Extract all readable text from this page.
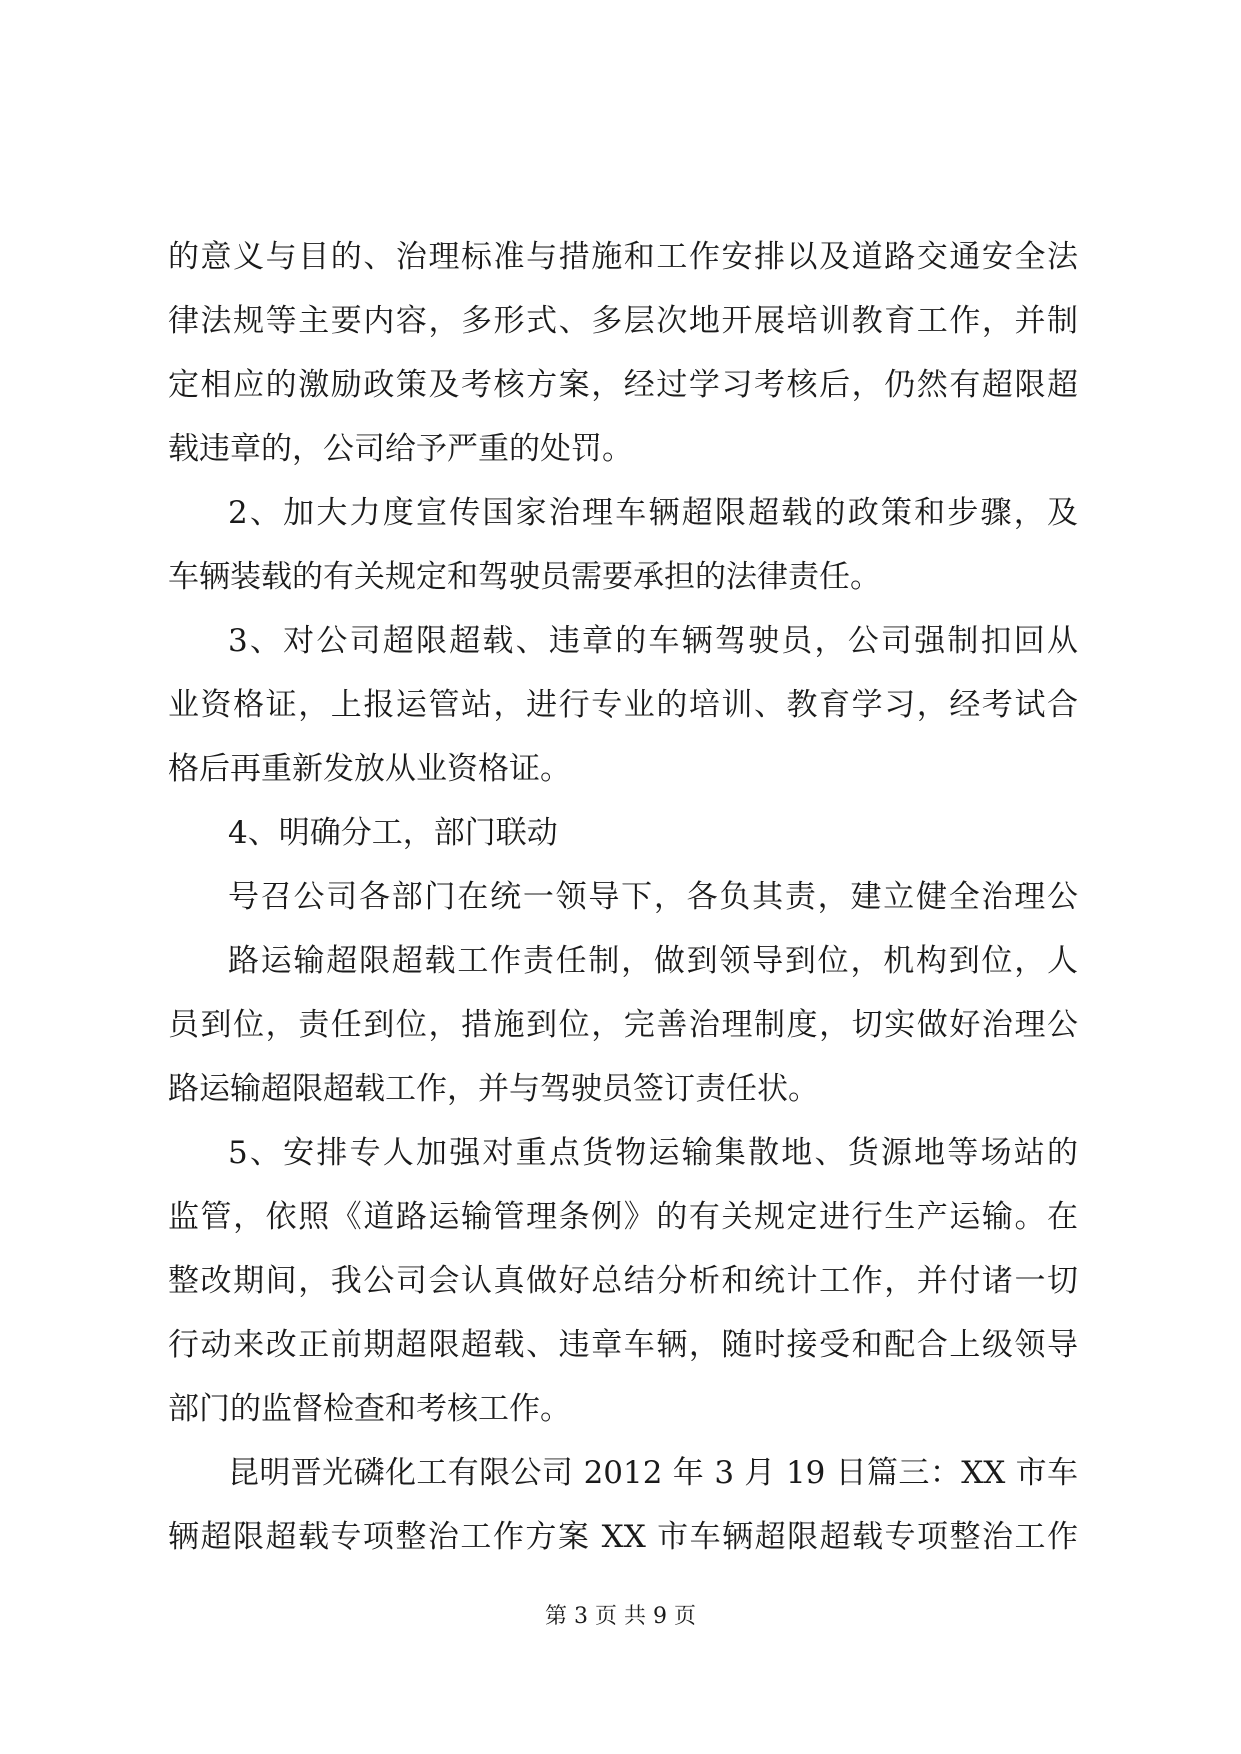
的意义与目的、治理标准与措施和工作安排以及道路交通安全法
律法规等主要内容，多形式、多层次地开展培训教育工作，并制
定相应的激励政策及考核方案，经过学习考核后，仍然有超限超
载违章的，公司给予严重的处罚。
2、加大力度宣传国家治理车辆超限超载的政策和步骤，及
车辆装载的有关规定和驾驶员需要承担的法律责任。
3、对公司超限超载、违章的车辆驾驶员，公司强制扣回从
业资格证，上报运管站，进行专业的培训、教育学习，经考试合
格后再重新发放从业资格证。
4、明确分工，部门联动
号召公司各部门在统一领导下，各负其责，建立健全治理公
路运输超限超载工作责任制，做到领导到位，机构到位，人
员到位，责任到位，措施到位，完善治理制度，切实做好治理公
路运输超限超载工作，并与驾驶员签订责任状。
5、安排专人加强对重点货物运输集散地、货源地等场站的
监管，依照《道路运输管理条例》的有关规定进行生产运输。在
整改期间，我公司会认真做好总结分析和统计工作，并付诸一切
行动来改正前期超限超载、违章车辆，随时接受和配合上级领导
部门的监督检查和考核工作。
昆明晋光磷化工有限公司 2012 年 3 月 19 日篇三：XX 市车
辆超限超载专项整治工作方案 XX 市车辆超限超载专项整治工作
第 3 页 共 9 页
